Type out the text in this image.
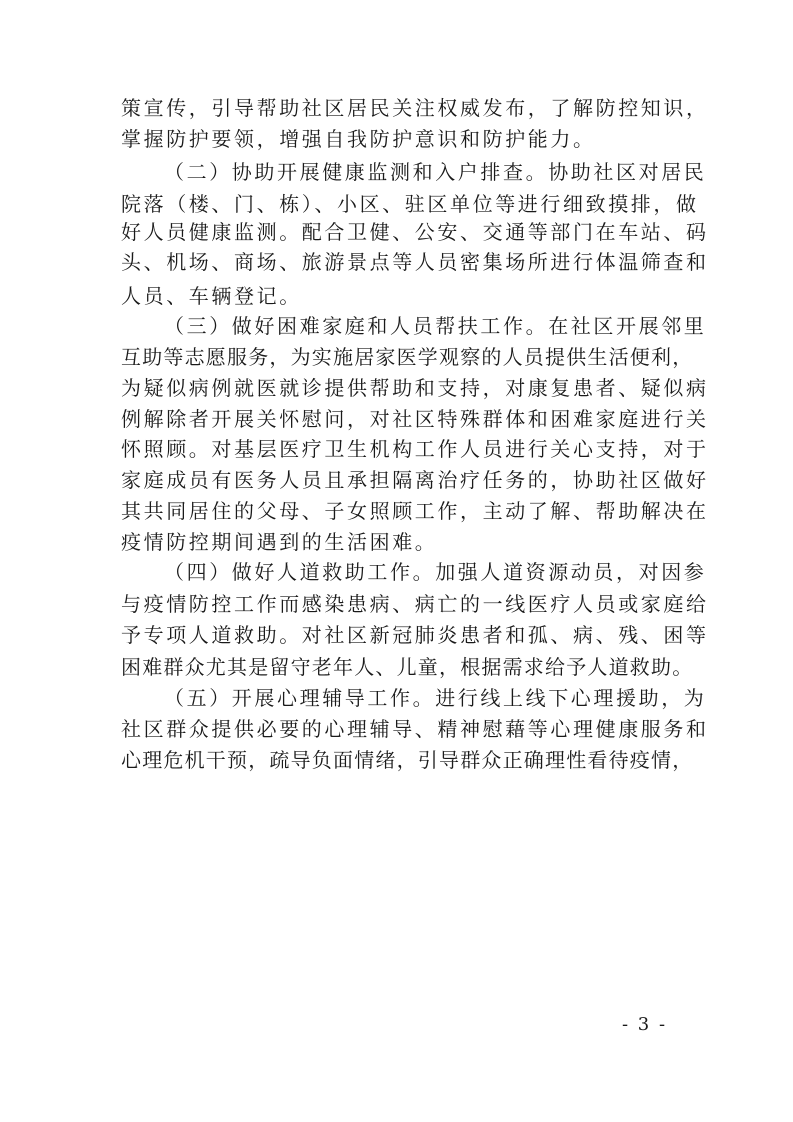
策宣传，引导帮助社区居民关注权威发布，了解防控知识，
掌握防护要领，增强自我防护意识和防护能力。
（二）协助开展健康监测和入户排查。协助社区对居民
院落（楼、门、栋）、小区、驻区单位等进行细致摸排，做
好人员健康监测。配合卫健、公安、交通等部门在车站、码
头、机场、商场、旅游景点等人员密集场所进行体温筛查和
人员、车辆登记。
（三）做好困难家庭和人员帮扶工作。在社区开展邻里
互助等志愿服务，为实施居家医学观察的人员提供生活便利，
为疑似病例就医就诊提供帮助和支持，对康复患者、疑似病
例解除者开展关怀慰问，对社区特殊群体和困难家庭进行关
怀照顾。对基层医疗卫生机构工作人员进行关心支持，对于
家庭成员有医务人员且承担隔离治疗任务的，协助社区做好
其共同居住的父母、子女照顾工作，主动了解、帮助解决在
疫情防控期间遇到的生活困难。
（四）做好人道救助工作。加强人道资源动员，对因参
与疫情防控工作而感染患病、病亡的一线医疗人员或家庭给
予专项人道救助。对社区新冠肺炎患者和孤、病、残、困等
困难群众尤其是留守老年人、儿童，根据需求给予人道救助。
（五）开展心理辅导工作。进行线上线下心理援助，为
社区群众提供必要的心理辅导、精神慰藉等心理健康服务和
心理危机干预，疏导负面情绪，引导群众正确理性看待疫情，
- 3 -
